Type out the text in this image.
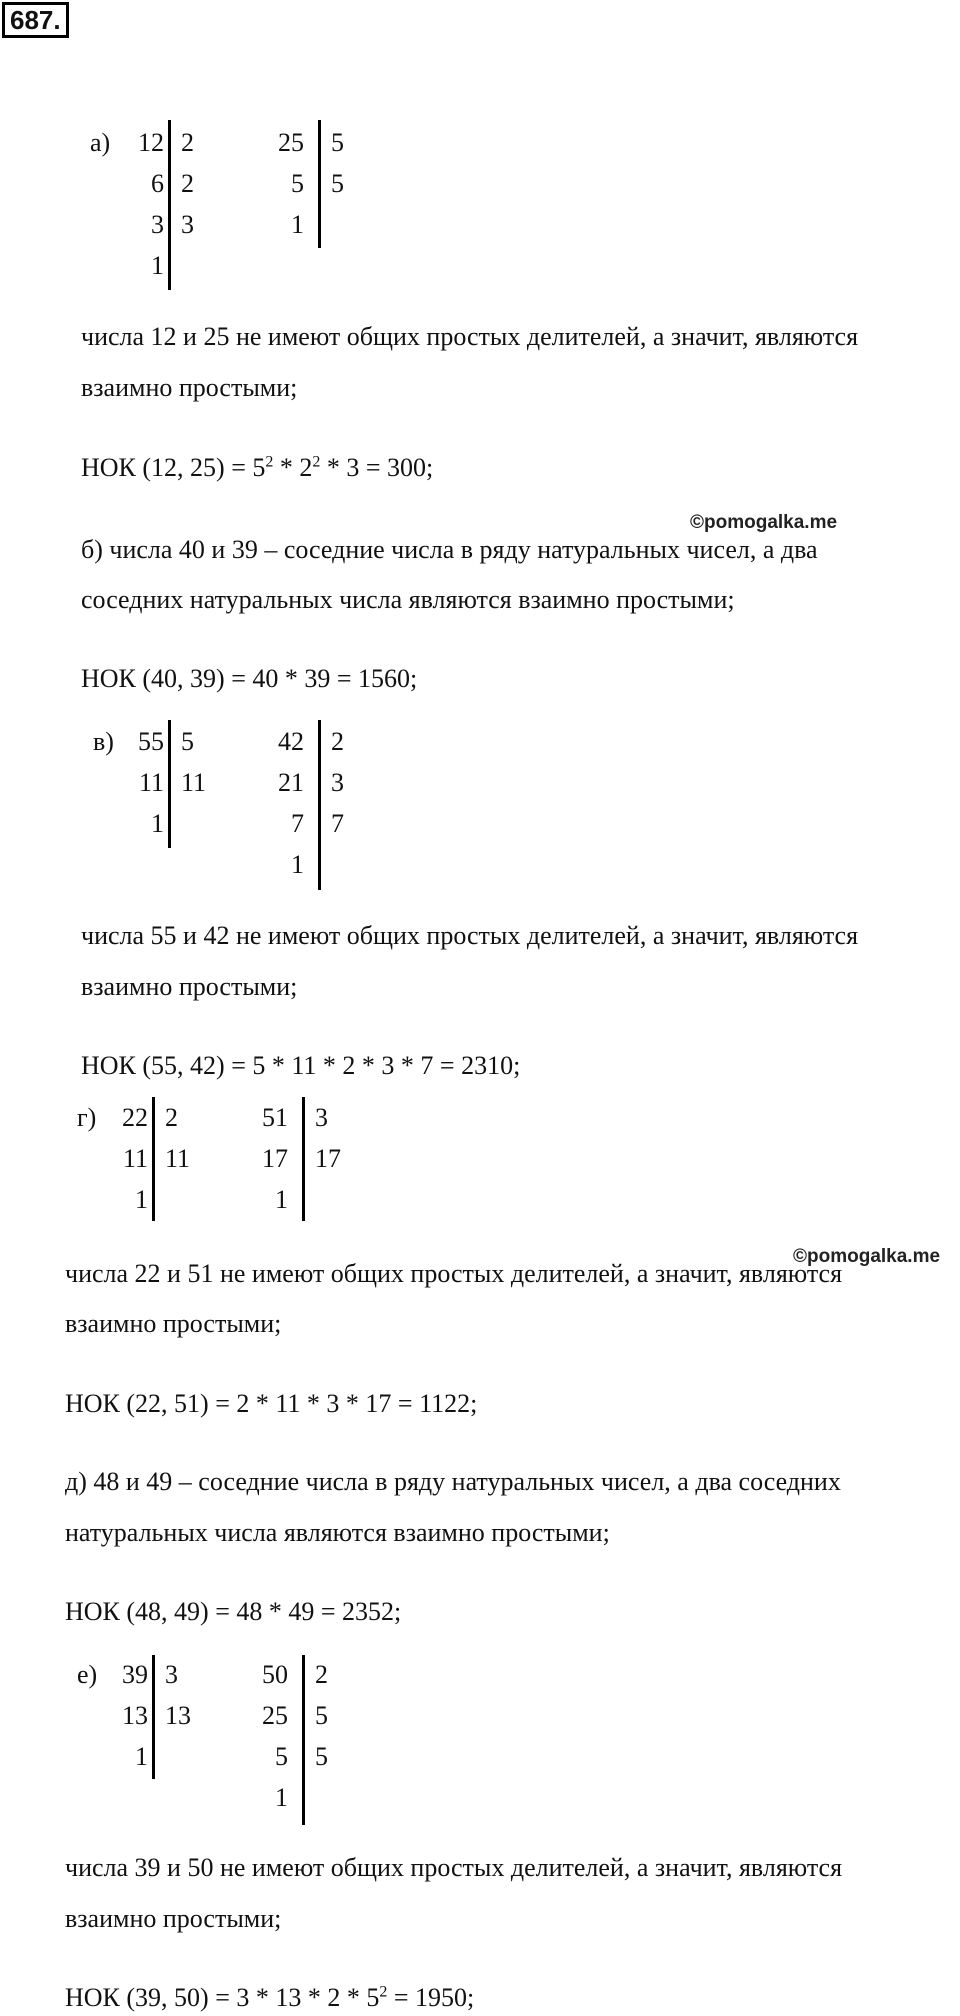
687.
а)	12
6
3
1
2
2
3
25
5
1
5
5
числа 12 и 25 не имеют общих простых делителей, а значит, являются
взаимно простыми;
НОК (12, $25) = 5^2 * 2^2 * 3 = 300$;
©pomogalka.me
б) числа 40 и 39 – соседние числа в ряду натуральных чисел, а два
соседних натуральных числа являются взаимно простыми;
НОК (40, 39) = 40 * 39 = 1560;
в) 55
11
1
5
11
42
21
7
1
2
3
7
числа 55 и 42 не имеют общих простых делителей, а значит, являются
взаимно простыми;
НОК (55, 42) = 5 * 11 * 2 * 3 * 7 = 2310;
г) 22
11
1
2
11
51
17
1
3
17
©pomogalka.me
числа 22 и 51 не имеют общих простых делителей, а значит, являются
взаимно простыми;
НОК (22, 51) = 2 * 11 * 3 * 17 = 1122;
д) 48 и 49 – соседние числа в ряду натуральных чисел, а два соседних
натуральных числа являются взаимно простыми;
НОК (48, 49) = 48 * 49 = 2352;
е) 39
13
1
3
13
50
25
5
1
2
5
5
числа 39 и 50 не имеют общих простых делителей, а значит, являются
взаимно простыми;
НОК (39, $50) = 3 * 13 * 2 * 5^2 = 1950$;
